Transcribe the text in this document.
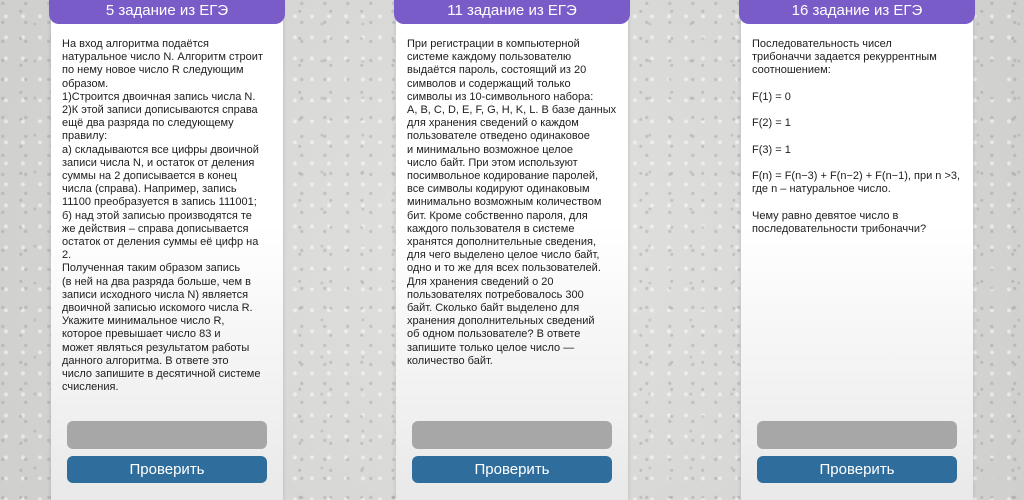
5 задание из ЕГЭ
На вход алгоритма подаётся
натуральное число N. Алгоритм строит
по нему новое число R следующим
образом.
1)Строится двоичная запись числа N.
2)К этой записи дописываются справа
ещё два разряда по следующему
правилу:
а) складываются все цифры двоичной
записи числа N, и остаток от деления
суммы на 2 дописывается в конец
числа (справа). Например, запись
11100 преобразуется в запись 111001;
б) над этой записью производятся те
же действия – справа дописывается
остаток от деления суммы её цифр на
2.
Полученная таким образом запись
(в ней на два разряда больше, чем в
записи исходного числа N) является
двоичной записью искомого числа R.
Укажите минимальное число R,
которое превышает число 83 и
может являться результатом работы
данного алгоритма. В ответе это
число запишите в десятичной системе
счисления.
Проверить
11 задание из ЕГЭ
При регистрации в компьютерной
системе каждому пользователю
выдаётся пароль, состоящий из 20
символов и содержащий только
символы из 10-символьного набора:
A, B, C, D, E, F, G, H, K, L. В базе данных
для хранения сведений о каждом
пользователе отведено одинаковое
и минимально возможное целое
число байт. При этом используют
посимвольное кодирование паролей,
все символы кодируют одинаковым
минимально возможным количеством
бит. Кроме собственно пароля, для
каждого пользователя в системе
хранятся дополнительные сведения,
для чего выделено целое число байт,
одно и то же для всех пользователей.
Для хранения сведений о 20
пользователях потребовалось 300
байт. Сколько байт выделено для
хранения дополнительных сведений
об одном пользователе? В ответе
запишите только целое число —
количество байт.
Проверить
16 задание из ЕГЭ
Последовательность чисел
трибоначчи задается рекуррентным
соотношением:

F(1) = 0

F(2) = 1

F(3) = 1

F(n) = F(n−3) + F(n−2) + F(n−1), при n >3,
где n – натуральное число.

Чему равно девятое число в
последовательности трибоначчи?
Проверить
